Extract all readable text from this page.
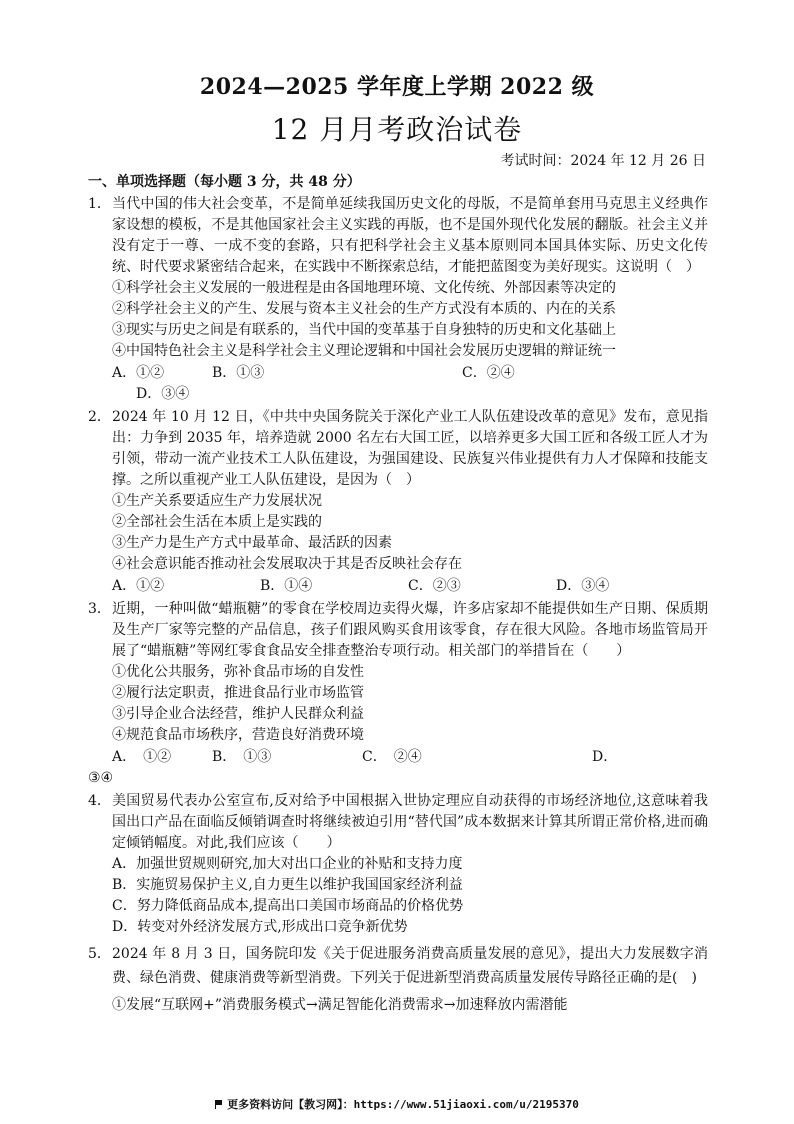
2024—2025 学年度上学期 2022 级
12 月月考政治试卷
考试时间：2024 年 12 月 26 日
一、单项选择题（每小题 3 分，共 48 分）
1． 当代中国的伟大社会变革，不是简单延续我国历史文化的母版，不是简单套用马克思主义经典作家设想的模板，不是其他国家社会主义实践的再版，也不是国外现代化发展的翻版。社会主义并没有定于一尊、一成不变的套路，只有把科学社会主义基本原则同本国具体实际、历史文化传统、时代要求紧密结合起来，在实践中不断探索总结，才能把蓝图变为美好现实。这说明（　）
①科学社会主义发展的一般进程是由各国地理环境、文化传统、外部因素等决定的
②科学社会主义的产生、发展与资本主义社会的生产方式没有本质的、内在的关系
③现实与历史之间是有联系的，当代中国的变革基于自身独特的历史和文化基础上
④中国特色社会主义是科学社会主义理论逻辑和中国社会发展历史逻辑的辩证统一
A．①②	B．①③	C．②④
D．③④
2． 2024 年 10 月 12 日，《中共中央国务院关于深化产业工人队伍建设改革的意见》发布，意见指出：力争到 2035 年，培养造就 2000 名左右大国工匠，以培养更多大国工匠和各级工匠人才为引领，带动一流产业技术工人队伍建设，为强国建设、民族复兴伟业提供有力人才保障和技能支撑。之所以重视产业工人队伍建设，是因为（　）
①生产关系要适应生产力发展状况
②全部社会生活在本质上是实践的
③生产力是生产方式中最革命、最活跃的因素
④社会意识能否推动社会发展取决于其是否反映社会存在
A．①②	B．①④	C．②③	D．③④
3． 近期，一种叫做“蜡瓶糖”的零食在学校周边卖得火爆，许多店家却不能提供如生产日期、保质期及生产厂家等完整的产品信息，孩子们跟风购买食用该零食，存在很大风险。各地市场监管局开展了“蜡瓶糖”等网红零食食品安全排查整治专项行动。相关部门的举措旨在（　　）
①优化公共服务，弥补食品市场的自发性
②履行法定职责，推进食品行业市场监管
③引导企业合法经营，维护人民群众利益
④规范食品市场秩序，营造良好消费环境
A．　①②	B．　①③	C．　②④	D．
③④
4． 美国贸易代表办公室宣布,反对给予中国根据入世协定理应自动获得的市场经济地位,这意味着我国出口产品在面临反倾销调查时将继续被迫引用“替代国”成本数据来计算其所谓正常价格,进而确定倾销幅度。对此,我们应该（　　）
A．加强世贸规则研究,加大对出口企业的补贴和支持力度
B．实施贸易保护主义,自力更生以维护我国国家经济利益
C．努力降低商品成本,提高出口美国市场商品的价格优势
D．转变对外经济发展方式,形成出口竞争新优势
5． 2024 年 8 月 3 日，国务院印发《关于促进服务消费高质量发展的意见》，提出大力发展数字消费、绿色消费、健康消费等新型消费。下列关于促进新型消费高质量发展传导路径正确的是(　)
①发展“互联网+”消费服务模式→满足智能化消费需求→加速释放内需潜能
更多资料访问【教习网】：https://www.51jiaoxi.com/u/2195370
